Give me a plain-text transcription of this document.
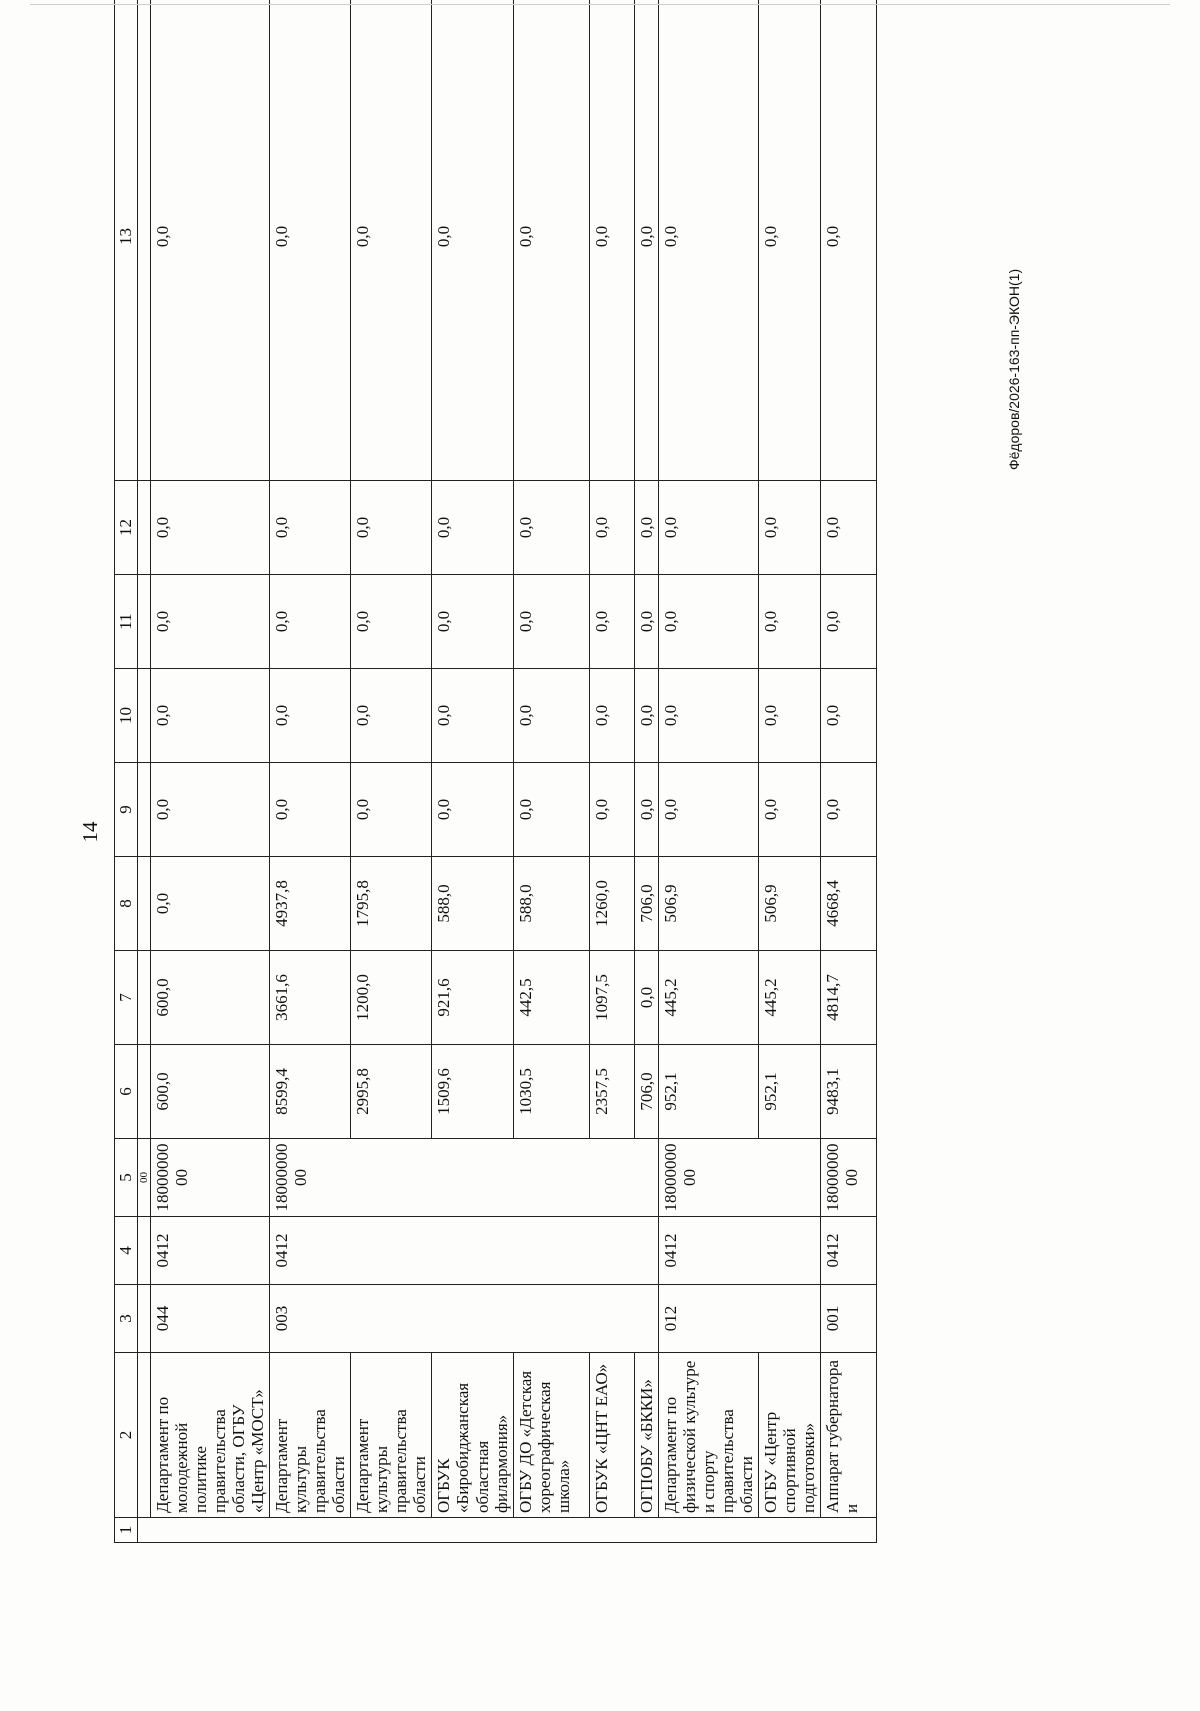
14
Фёдоров/2026-163-пп-ЭКОН(1)
1	2	3	4	5	6	7	8	9	10	11	12	13
				00								
	Департамент по молодежной политике правительства области, ОГБУ «Центр «МОСТ»	044	0412	18000000 00	600,0	600,0	0,0	0,0	0,0	0,0	0,0	0,0
	Департамент культуры правительства области	003	0412	18000000 00	8599,4	3661,6	4937,8	0,0	0,0	0,0	0,0	0,0
	Департамент культуры правительства области				2995,8	1200,0	1795,8	0,0	0,0	0,0	0,0	0,0
	ОГБУК «Биробиджанская областная филармония»				1509,6	921,6	588,0	0,0	0,0	0,0	0,0	0,0
	ОГБУ ДО «Детская хореографическая школа»				1030,5	442,5	588,0	0,0	0,0	0,0	0,0	0,0
	ОГБУК «ЦНТ ЕАО»				2357,5	1097,5	1260,0	0,0	0,0	0,0	0,0	0,0
	ОГПОБУ «БККИ»				706,0	0,0	706,0	0,0	0,0	0,0	0,0	0,0
	Департамент по физической культуре и спорту правительства области	012	0412	18000000 00	952,1	445,2	506,9	0,0	0,0	0,0	0,0	0,0
	ОГБУ «Центр спортивной подготовки»				952,1	445,2	506,9	0,0	0,0	0,0	0,0	0,0
	Аппарат губернатора и	001	0412	18000000 00	9483,1	4814,7	4668,4	0,0	0,0	0,0	0,0	0,0
